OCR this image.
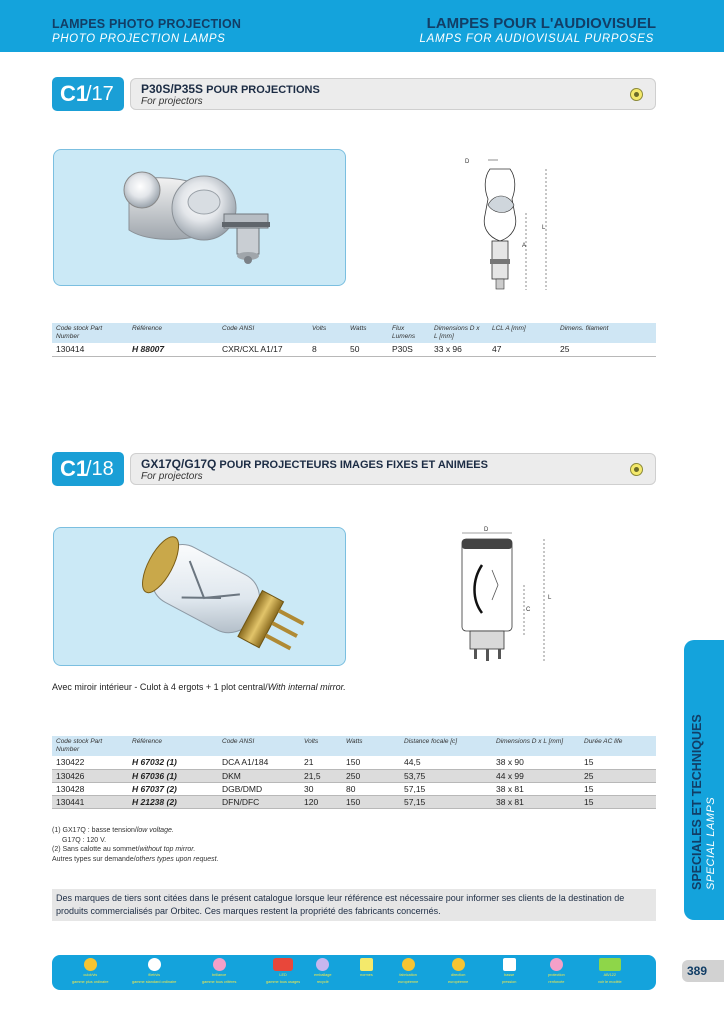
LAMPES PHOTO PROJECTION
PHOTO PROJECTION LAMPS
LAMPES POUR L'AUDIOVISUEL
LAMPS FOR AUDIOVISUAL PURPOSES
C1
/17 P30S/P35S POUR PROJECTIONS
For projectors
D
L
A
Code stock Part Number	Référence	Code ANSI	Volts	Watts	Flux Lumens	Dimensions D x L [mm]	LCL A [mm]	Dimens. filament
130414	H 88007	CXR/CXL A1/17	8	50	P30S	33 x 96	47	25
C1
/18 GX17Q/G17Q POUR PROJECTEURS IMAGES FIXES ET ANIMEES
For projectors
D
L
C
Avec miroir intérieur - Culot à 4 ergots + 1 plot central/With internal mirror.
Code stock Part Number	Référence	Code ANSI	Volts	Watts	Distance focale [c]	Dimensions D x L [mm]	Durée AC life
130422	H 67032 (1)	DCA A1/184	21	150	44,5	38 x 90	15
130426	H 67036 (1)	DKM	21,5	250	53,75	44 x 99	25
130428	H 67037 (2)	DGB/DMD	30	80	57,15	38 x 81	15
130441	H 21238 (2)	DFN/DFC	120	150	57,15	38 x 81	15
(1) GX17Q : basse tension/low voltage.
G17Q : 120 V.
(2) Sans calotte au sommet/without top mirror.
Autres types sur demande/others types upon request.
Des marques de tiers sont citées dans le présent catalogue lorsque leur référence est nécessaire pour informer ses clients de la destination de produits commercialisés par Orbitec. Ces marques restent la propriété des fabricants concernés.
SPECIALES ET TECHNIQUES SPECIAL LAMPS
culot/vis
gamme plus ordinaire
filet/vis
gamme standard ordinaire
brillance
gamme tous critères
LED
gamme tous usages
emballage
recyclé
normes	fabrication
européenne
direction
européenne
basse
pression
protection
renforcée
AB/122
voir le modèle
389
